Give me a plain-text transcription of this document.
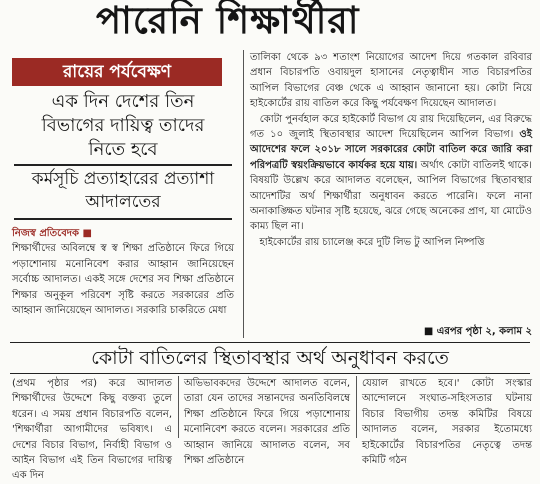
পারেনি শিক্ষার্থীরা
রায়ের পর্যবেক্ষণ
এক দিন দেশের তিন
বিভাগের দায়িত্ব তাদের
নিতে হবে
কর্মসূচি প্রত্যাহারের প্রত্যাশা
আদালতের
নিজস্ব প্রতিবেদক ■
শিক্ষার্থীদের অবিলম্বে স্ব স্ব শিক্ষা প্রতিষ্ঠানে ফিরে গিয়ে পড়াশোনায় মনোনিবেশ করার আহ্বান জানিয়েছেন সর্বোচ্চ আদালত। একই সঙ্গে দেশের সব শিক্ষা প্রতিষ্ঠানে শিক্ষার অনুকূল পরিবেশ সৃষ্টি করতে সরকারের প্রতি আহ্বান জানিয়েছেন আদালত। সরকারি চাকরিতে মেধা
তালিকা থেকে ৯৩ শতাংশ নিয়োগের আদেশ দিয়ে গতকাল রবিবার প্রধান বিচারপতি ওবায়দুল হাসানের নেতৃত্বাধীন সাত বিচারপতির আপিল বিভাগের বেঞ্চ থেকে এ আহ্বান জানানো হয়। কোটা নিয়ে হাইকোর্টের রায় বাতিল করে কিছু পর্যবেক্ষণ দিয়েছেন আদালত।
কোটা পুনর্বহাল করে হাইকোর্ট বিভাগ যে রায় দিয়েছিলেন, এর বিরুদ্ধে গত ১০ জুলাই স্থিতাবস্থার আদেশ দিয়েছিলেন আপিল বিভাগ। ওই আদেশের ফলে ২০১৮ সালে সরকারের কোটা বাতিল করে জারি করা পরিপত্রটি স্বয়ংক্রিয়ভাবে কার্যকর হয়ে যায়। অর্থাৎ কোটা বাতিলই থাকে। বিষয়টি উল্লেখ করে আদালত বলেছেন, আপিল বিভাগের স্থিতাবস্থার আদেশটির অর্থ শিক্ষার্থীরা অনুধাবন করতে পারেনি। ফলে নানা অনাকাঙ্ক্ষিত ঘটনার সৃষ্টি হয়েছে, ঝরে গেছে অনেকের প্রাণ, যা মোটেও কাম্য ছিল না।
হাইকোর্টের রায় চ্যালেঞ্জ করে দুটি লিভ টু আপিল নিষ্পত্তি
■ এরপর পৃষ্ঠা ২, কলাম ২
কোটা বাতিলের স্থিতাবস্থার অর্থ অনুধাবন করতে
(প্রথম পৃষ্ঠার পর) করে আদালত শিক্ষার্থীদের উদ্দেশে কিছু বক্তব্য তুলে ধরেন। এ সময় প্রধান বিচারপতি বলেন, 'শিক্ষার্থীরা আগামীদের ভবিষ্যৎ। এ দেশের বিচার বিভাগ, নির্বাহী বিভাগ ও আইন বিভাগ এই তিন বিভাগের দায়িত্ব এক দিন
অভিভাবকদের উদ্দেশে আদালত বলেন, তারা যেন তাদের সন্তানদের অনতিবিলম্বে শিক্ষা প্রতিষ্ঠানে ফিরে গিয়ে পড়াশোনায় মনোনিবেশ করতে বলেন। সরকারের প্রতি আহ্বান জানিয়ে আদালত বলেন, সব শিক্ষা প্রতিষ্ঠানে
যেয়াল রাখতে হবে।' কোটা সংস্কার আন্দোলনে সংঘাত-সহিংসতার ঘটনায় বিচার বিভাগীয় তদন্ত কমিটির বিষয়ে আদালত বলেন, সরকার ইতোমধ্যে হাইকোর্টের বিচারপতির নেতৃত্বে তদন্ত কমিটি গঠন
